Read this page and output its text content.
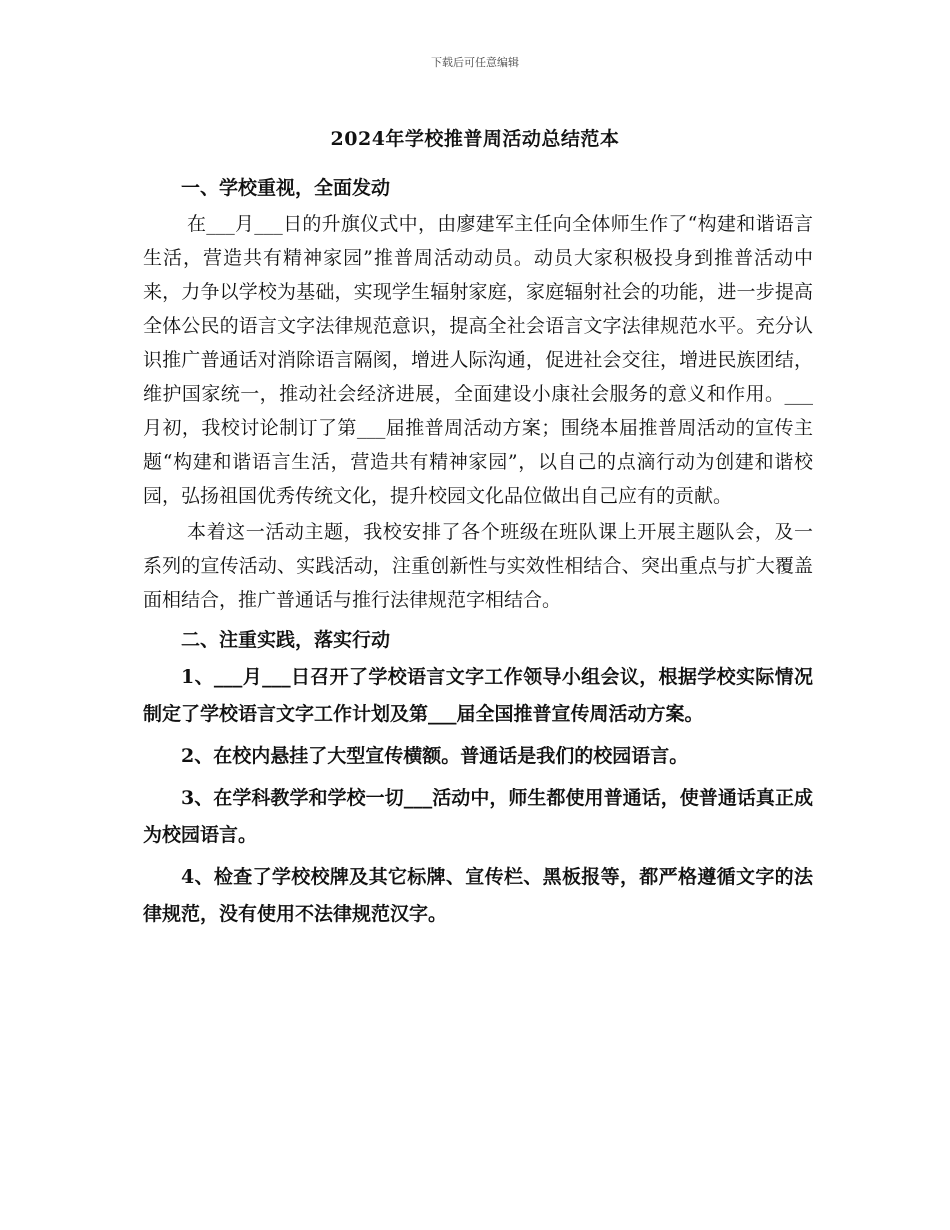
下载后可任意编辑
2024年学校推普周活动总结范本

一、学校重视，全面发动

在___月___日的升旗仪式中，由廖建军主任向全体师生作了“构建和谐语言生活，营造共有精神家园”推普周活动动员。动员大家积极投身到推普活动中来，力争以学校为基础，实现学生辐射家庭，家庭辐射社会的功能，进一步提高全体公民的语言文字法律规范意识，提高全社会语言文字法律规范水平。充分认识推广普通话对消除语言隔阂，增进人际沟通，促进社会交往，增进民族团结，维护国家统一，推动社会经济进展，全面建设小康社会服务的意义和作用。___月初，我校讨论制订了第___届推普周活动方案；围绕本届推普周活动的宣传主题“构建和谐语言生活，营造共有精神家园”，以自己的点滴行动为创建和谐校园，弘扬祖国优秀传统文化，提升校园文化品位做出自己应有的贡献。

本着这一活动主题，我校安排了各个班级在班队课上开展主题队会，及一系列的宣传活动、实践活动，注重创新性与实效性相结合、突出重点与扩大覆盖面相结合，推广普通话与推行法律规范字相结合。

二、注重实践，落实行动

1、___月___日召开了学校语言文字工作领导小组会议，根据学校实际情况制定了学校语言文字工作计划及第___届全国推普宣传周活动方案。

2、在校内悬挂了大型宣传横额。普通话是我们的校园语言。

3、在学科教学和学校一切___活动中，师生都使用普通话，使普通话真正成为校园语言。

4、检查了学校校牌及其它标牌、宣传栏、黑板报等，都严格遵循文字的法律规范，没有使用不法律规范汉字。
